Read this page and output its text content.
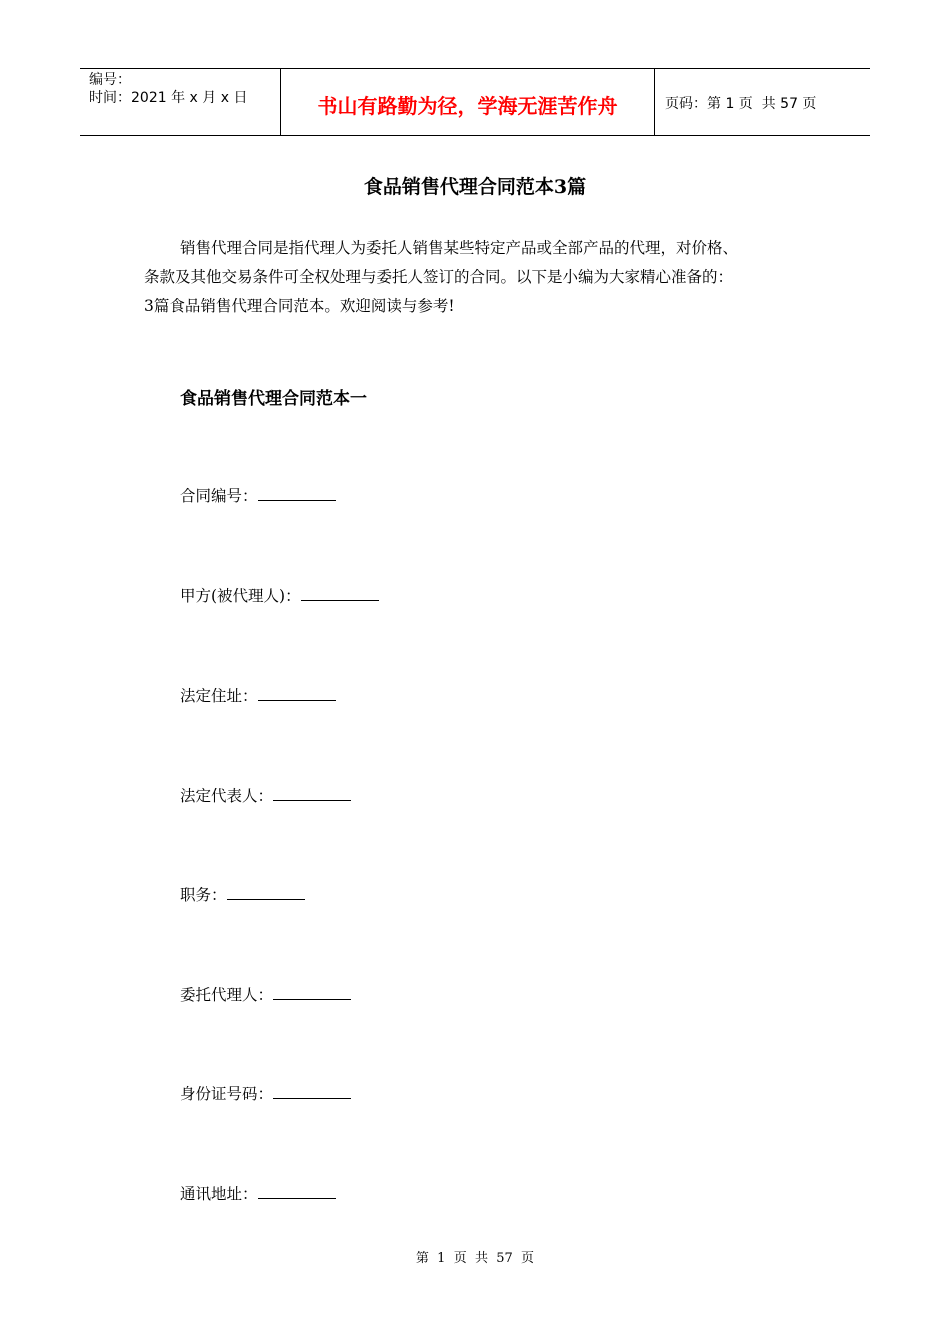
编号：
时间：2021 年 x 月 x 日	书山有路勤为径，学海无涯苦作舟	页码：第 1 页  共 57 页
食品销售代理合同范本3篇

销售代理合同是指代理人为委托人销售某些特定产品或全部产品的代理，对价格、

条款及其他交易条件可全权处理与委托人签订的合同。以下是小编为大家精心准备的：

3篇食品销售代理合同范本。欢迎阅读与参考!

食品销售代理合同范本一
合同编号：
甲方(被代理人)：
法定住址：
法定代表人：
职务：
委托代理人：
身份证号码：
通讯地址：
第  1  页  共  57  页
